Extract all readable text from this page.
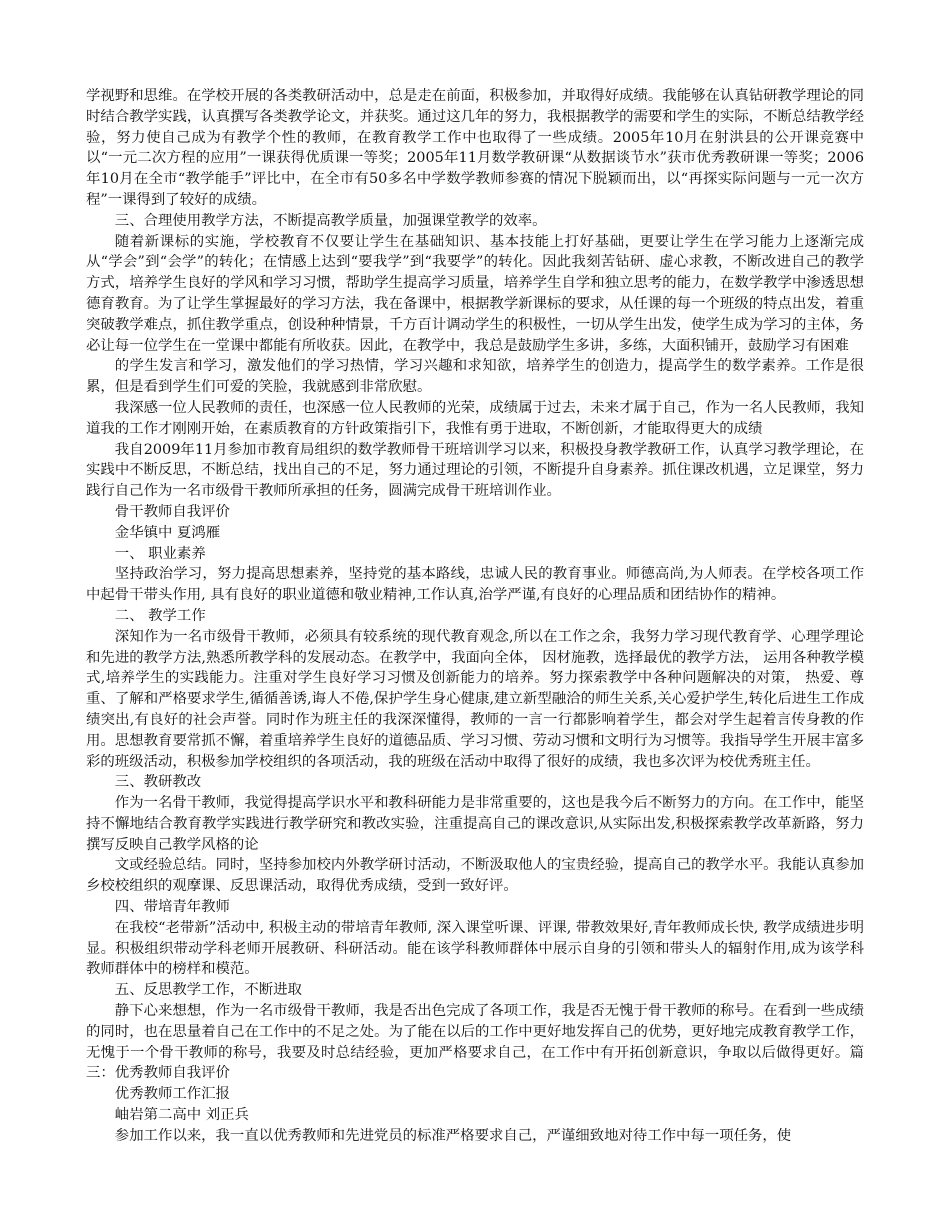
学视野和思维。在学校开展的各类教研活动中，总是走在前面，积极参加，并取得好成绩。我能够在认真钻研教学理论的同时结合教学实践，认真撰写各类教学论文，并获奖。通过这几年的努力，我根据教学的需要和学生的实际，不断总结教学经验，努力使自己成为有教学个性的教师，在教育教学工作中也取得了一些成绩。2005年10月在射洪县的公开课竞赛中以“一元二次方程的应用”一课获得优质课一等奖；2005年11月数学教研课“从数据谈节水”获市优秀教研课一等奖；2006年10月在全市“教学能手”评比中，在全市有50多名中学数学教师参赛的情况下脱颖而出，以“再探实际问题与一元一次方程”一课得到了较好的成绩。

三、合理使用教学方法，不断提高教学质量，加强课堂教学的效率。

随着新课标的实施，学校教育不仅要让学生在基础知识、基本技能上打好基础，更要让学生在学习能力上逐渐完成从“学会”到“会学”的转化；在情感上达到“要我学”到“我要学”的转化。因此我刻苦钻研、虚心求教，不断改进自己的教学方式，培养学生良好的学风和学习习惯，帮助学生提高学习质量，培养学生自学和独立思考的能力，在数学教学中渗透思想德育教育。为了让学生掌握最好的学习方法，我在备课中，根据教学新课标的要求，从任课的每一个班级的特点出发，着重突破教学难点，抓住教学重点，创设种种情景，千方百计调动学生的积极性，一切从学生出发，使学生成为学习的主体，务必让每一位学生在一堂课中都能有所收获。因此，在教学中，我总是鼓励学生多讲，多练，大面积铺开，鼓励学习有困难

的学生发言和学习，激发他们的学习热情，学习兴趣和求知欲，培养学生的创造力，提高学生的数学素养。工作是很累，但是看到学生们可爱的笑脸，我就感到非常欣慰。

我深感一位人民教师的责任，也深感一位人民教师的光荣，成绩属于过去，未来才属于自己，作为一名人民教师，我知道我的工作才刚刚开始，在素质教育的方针政策指引下，我惟有勇于进取，不断创新，才能取得更大的成绩

我自2009年11月参加市教育局组织的数学教师骨干班培训学习以来，积极投身教学教研工作，认真学习教学理论，在实践中不断反思，不断总结，找出自己的不足，努力通过理论的引领，不断提升自身素养。抓住课改机遇，立足课堂，努力践行自己作为一名市级骨干教师所承担的任务，圆满完成骨干班培训作业。

骨干教师自我评价

金华镇中 夏鸿雁

一、 职业素养

坚持政治学习，努力提高思想素养，坚持党的基本路线，忠诚人民的教育事业。师德高尚,为人师表。在学校各项工作中起骨干带头作用, 具有良好的职业道德和敬业精神,工作认真,治学严谨,有良好的心理品质和团结协作的精神。

二、 教学工作

深知作为一名市级骨干教师，必须具有较系统的现代教育观念,所以在工作之余，我努力学习现代教育学、心理学理论和先进的教学方法,熟悉所教学科的发展动态。在教学中，我面向全体， 因材施教，选择最优的教学方法， 运用各种教学模式,培养学生的实践能力。注重对学生良好学习习惯及创新能力的培养。努力探索教学中各种问题解决的对策， 热爱、尊重、了解和严格要求学生,循循善诱,诲人不倦,保护学生身心健康,建立新型融洽的师生关系,关心爱护学生,转化后进生工作成绩突出,有良好的社会声誉。同时作为班主任的我深深懂得，教师的一言一行都影响着学生，都会对学生起着言传身教的作用。思想教育要常抓不懈，着重培养学生良好的道德品质、学习习惯、劳动习惯和文明行为习惯等。我指导学生开展丰富多彩的班级活动，积极参加学校组织的各项活动，我的班级在活动中取得了很好的成绩，我也多次评为校优秀班主任。

三、教研教改

作为一名骨干教师，我觉得提高学识水平和教科研能力是非常重要的，这也是我今后不断努力的方向。在工作中，能坚持不懈地结合教育教学实践进行教学研究和教改实验，注重提高自己的课改意识,从实际出发,积极探索教学改革新路，努力撰写反映自己教学风格的论

文或经验总结。同时，坚持参加校内外教学研讨活动，不断汲取他人的宝贵经验，提高自己的教学水平。我能认真参加乡校校组织的观摩课、反思课活动，取得优秀成绩，受到一致好评。

四、带培青年教师

在我校“老带新”活动中, 积极主动的带培青年教师, 深入课堂听课、评课, 带教效果好,青年教师成长快, 教学成绩进步明显。积极组织带动学科老师开展教研、科研活动。能在该学科教师群体中展示自身的引领和带头人的辐射作用,成为该学科教师群体中的榜样和模范。

五、反思教学工作，不断进取

静下心来想想，作为一名市级骨干教师，我是否出色完成了各项工作，我是否无愧于骨干教师的称号。在看到一些成绩的同时，也在思量着自己在工作中的不足之处。为了能在以后的工作中更好地发挥自己的优势，更好地完成教育教学工作，无愧于一个骨干教师的称号，我要及时总结经验，更加严格要求自己，在工作中有开拓创新意识，争取以后做得更好。篇三：优秀教师自我评价

优秀教师工作汇报

岫岩第二高中 刘正兵

参加工作以来，我一直以优秀教师和先进党员的标准严格要求自己，严谨细致地对待工作中每一项任务，使
